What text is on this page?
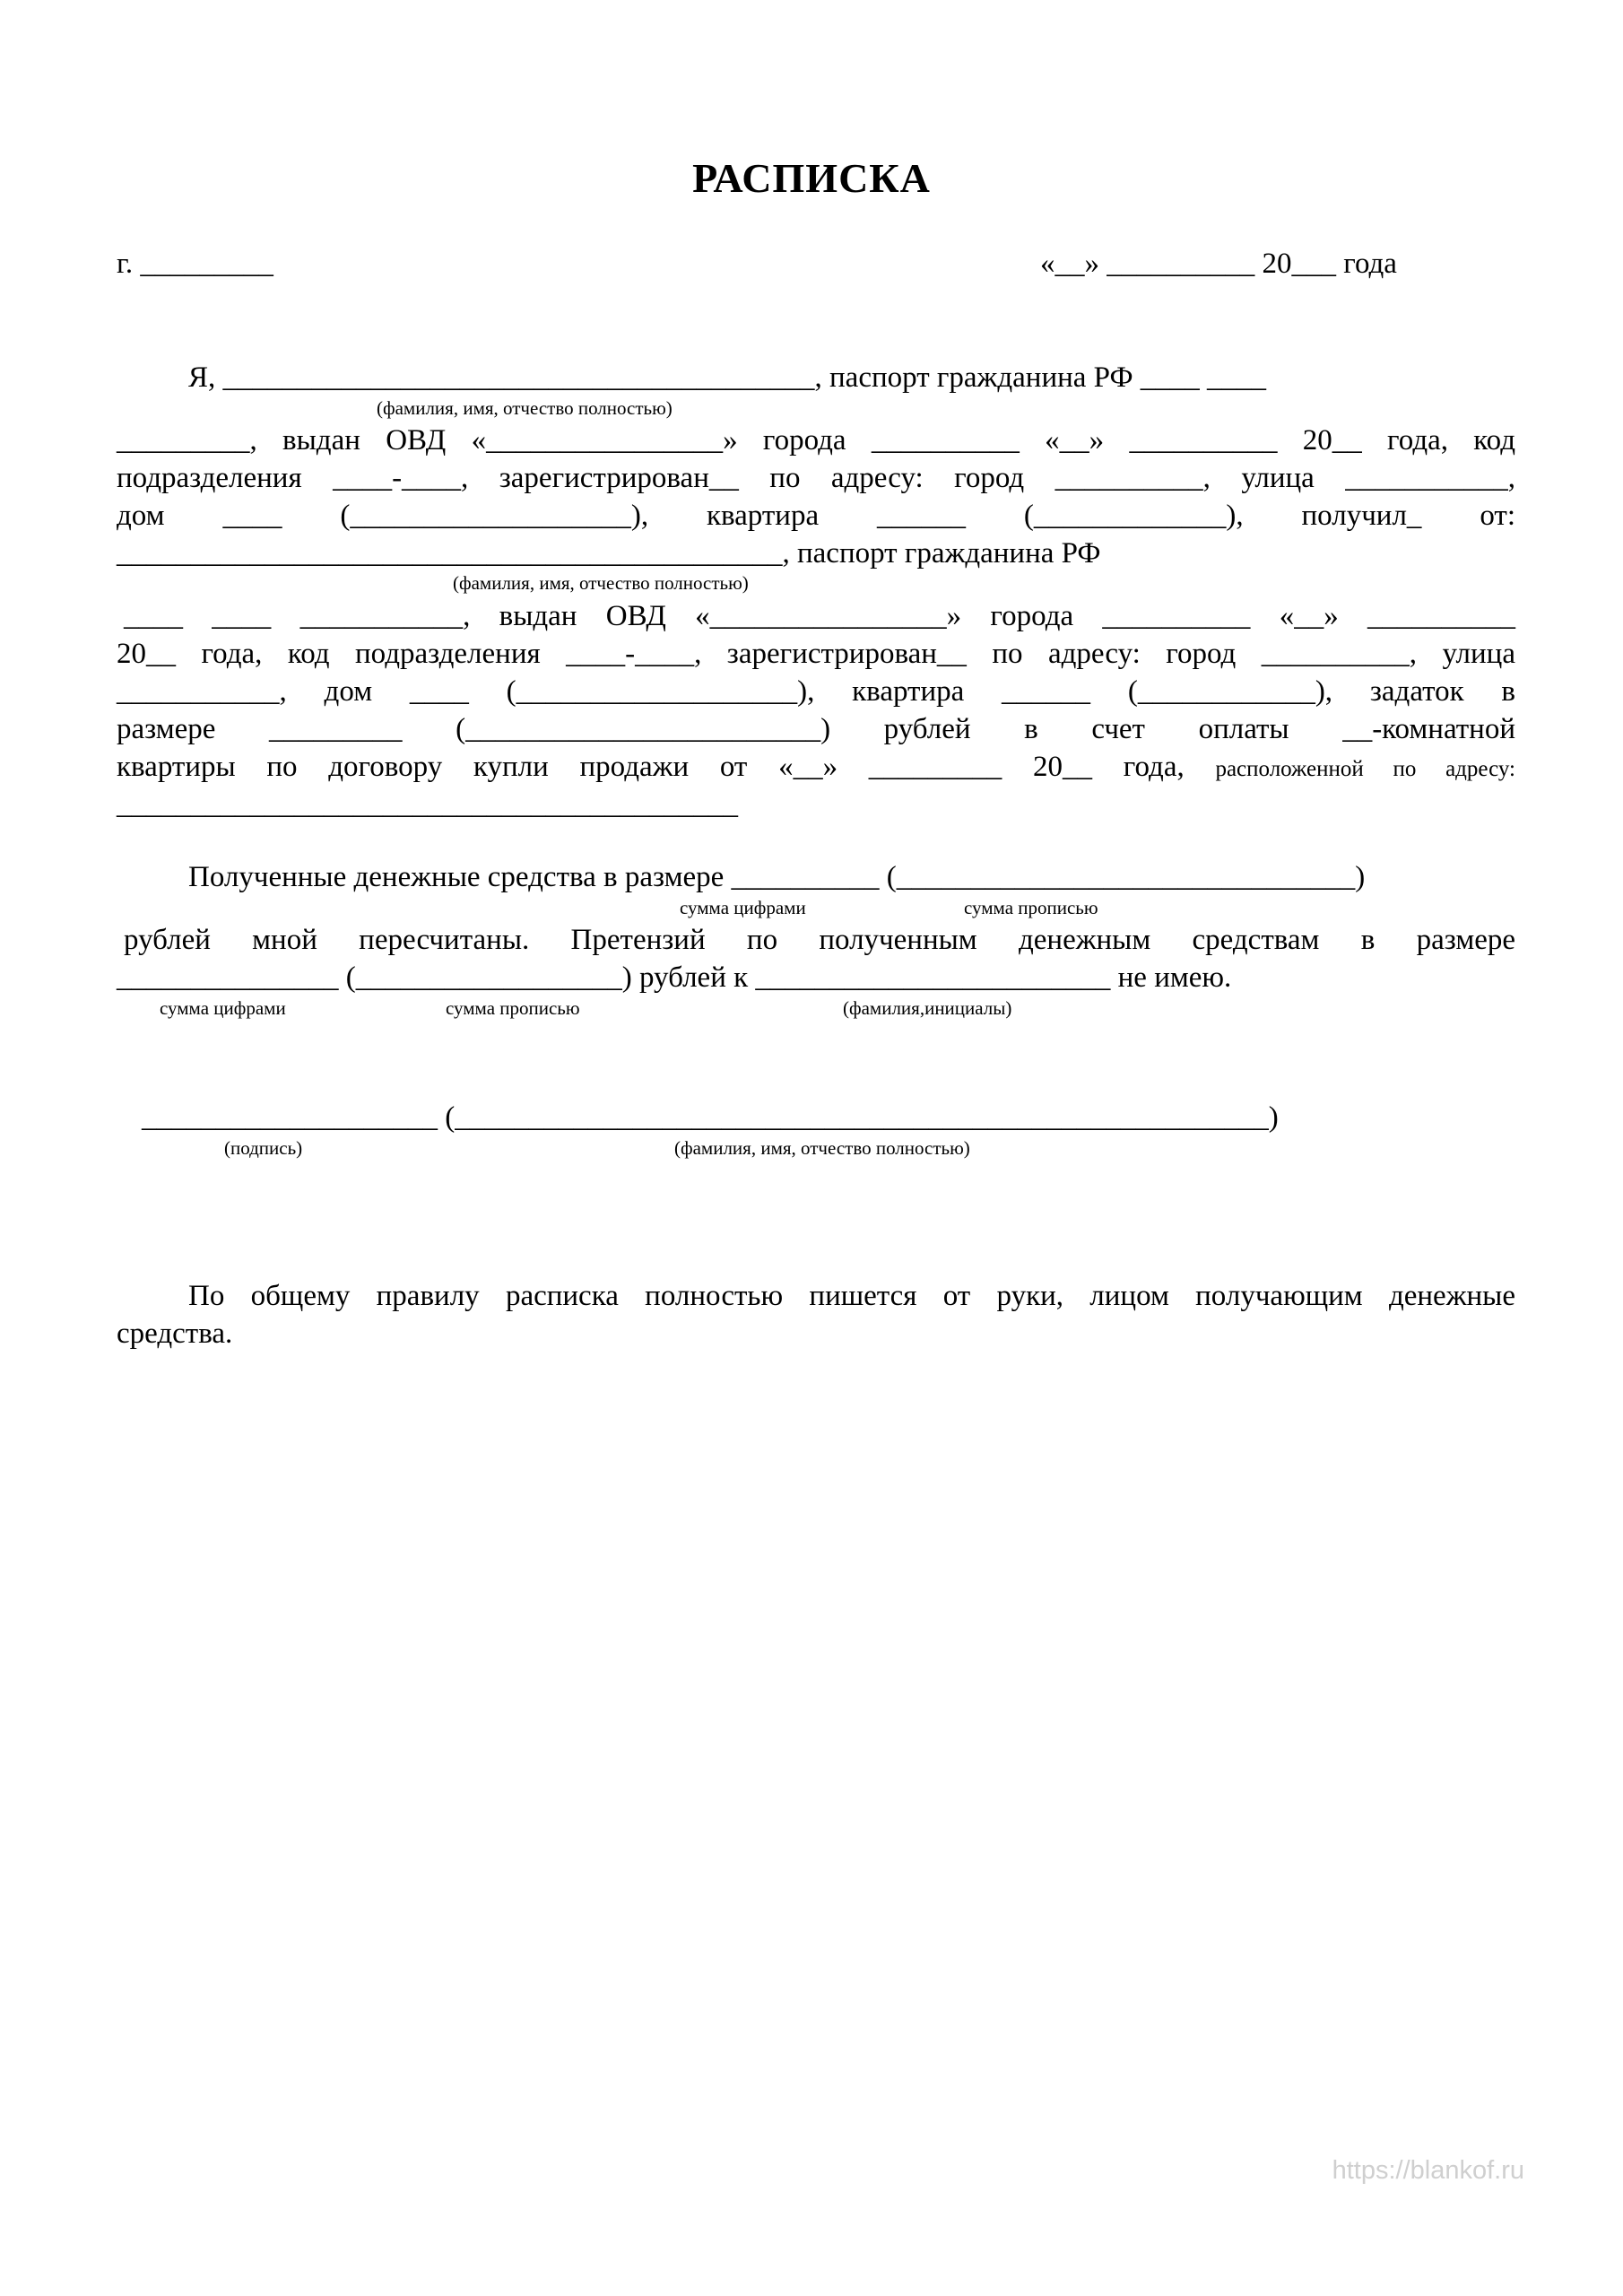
РАСПИСКА
г. _________	«__» __________ 20___ года
Я, ________________________________________, паспорт гражданина РФ ____ ____
(фамилия, имя, отчество полностью)
_________, выдан ОВД «________________» города __________ «__» __________ 20__ года, код
подразделения ____-____, зарегистрирован__ по адресу: город __________, улица ___________,
дом ____ (___________________), квартира ______ (_____________), получил_ от:
_____________________________________________, паспорт гражданина РФ
(фамилия, имя, отчество полностью)
____ ____ ___________, выдан ОВД «________________» города __________ «__» __________
20__ года, код подразделения ____-____, зарегистрирован__ по адресу: город __________, улица
___________, дом ____ (___________________), квартира ______ (____________), задаток в
размере _________ (________________________) рублей в счет оплаты __-комнатной
квартиры по договору купли продажи от «__» _________ 20__ года, расположенной по адресу:
__________________________________________
Полученные денежные средства в размере __________ (_______________________________)
сумма цифрами	сумма прописью
рублей мной пересчитаны. Претензий по полученным денежным средствам в размере
_______________ (__________________) рублей к ________________________ не имею.
сумма цифрами	сумма прописью	(фамилия,инициалы)
____________________ (_______________________________________________________)
(подпись)	(фамилия, имя, отчество полностью)
По общему правилу расписка полностью пишется от руки, лицом получающим денежные
средства.
https://blankof.ru
